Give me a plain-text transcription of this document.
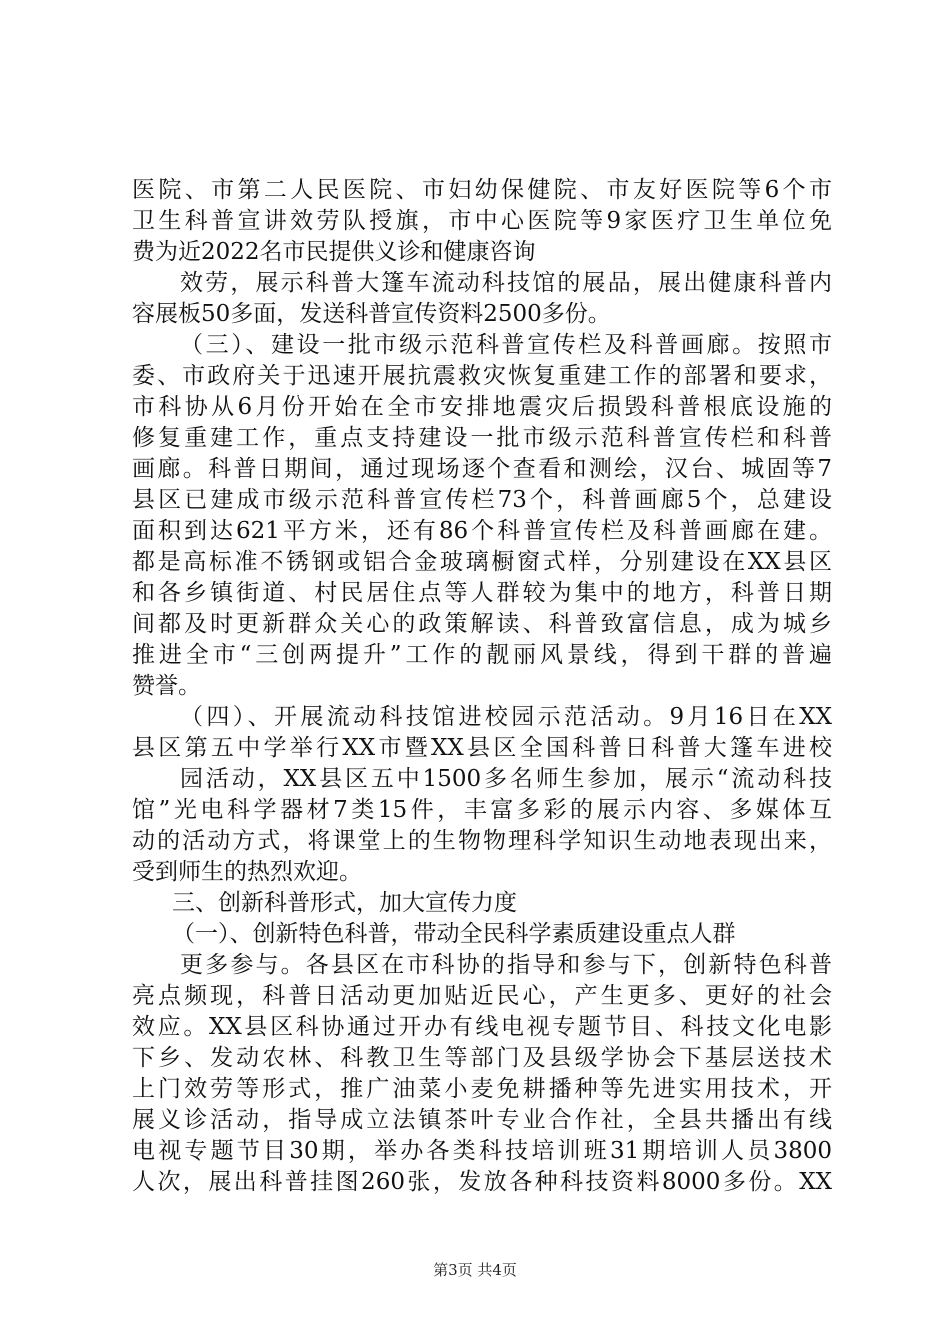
医院、市第二人民医院、市妇幼保健院、市友好医院等6个市
卫生科普宣讲效劳队授旗，市中心医院等9家医疗卫生单位免
费为近2022名市民提供义诊和健康咨询
效劳，展示科普大篷车流动科技馆的展品，展出健康科普内
容展板50多面，发送科普宣传资料2500多份。
（三）、建设一批市级示范科普宣传栏及科普画廊。按照市
委、市政府关于迅速开展抗震救灾恢复重建工作的部署和要求，
市科协从6月份开始在全市安排地震灾后损毁科普根底设施的
修复重建工作，重点支持建设一批市级示范科普宣传栏和科普
画廊。科普日期间，通过现场逐个查看和测绘，汉台、城固等7
县区已建成市级示范科普宣传栏73个，科普画廊5个，总建设
面积到达621平方米，还有86个科普宣传栏及科普画廊在建。
都是高标准不锈钢或铝合金玻璃橱窗式样，分别建设在XX县区
和各乡镇街道、村民居住点等人群较为集中的地方，科普日期
间都及时更新群众关心的政策解读、科普致富信息，成为城乡
推进全市“三创两提升”工作的靓丽风景线，得到干群的普遍
赞誉。
（四）、开展流动科技馆进校园示范活动。9月16日在XX
县区第五中学举行XX市暨XX县区全国科普日科普大篷车进校
园活动，XX县区五中1500多名师生参加，展示“流动科技
馆”光电科学器材7类15件，丰富多彩的展示内容、多媒体互
动的活动方式，将课堂上的生物物理科学知识生动地表现出来，
受到师生的热烈欢迎。
三、创新科普形式，加大宣传力度
（一）、创新特色科普，带动全民科学素质建设重点人群
更多参与。各县区在市科协的指导和参与下，创新特色科普
亮点频现，科普日活动更加贴近民心，产生更多、更好的社会
效应。XX县区科协通过开办有线电视专题节目、科技文化电影
下乡、发动农林、科教卫生等部门及县级学协会下基层送技术
上门效劳等形式，推广油菜小麦免耕播种等先进实用技术，开
展义诊活动，指导成立法镇茶叶专业合作社，全县共播出有线
电视专题节目30期，举办各类科技培训班31期培训人员3800
人次，展出科普挂图260张，发放各种科技资料8000多份。XX
第3页 共4页
